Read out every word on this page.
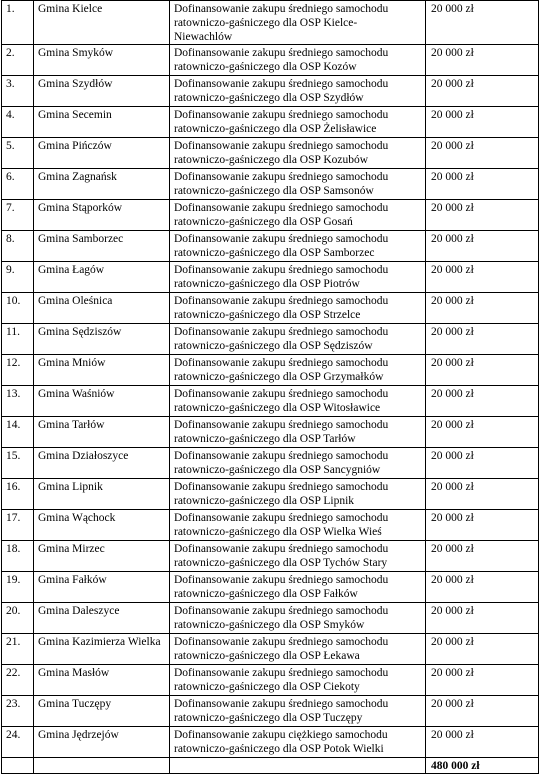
1.	Gmina Kielce	Dofinansowanie zakupu średniego samochodu
ratowniczo-gaśniczego dla OSP Kielce-
Niewachlów	20 000 zł
2.	Gmina Smyków	Dofinansowanie zakupu średniego samochodu
ratowniczo-gaśniczego dla OSP Kozów	20 000 zł
3.	Gmina Szydłów	Dofinansowanie zakupu średniego samochodu
ratowniczo-gaśniczego dla OSP Szydłów	20 000 zł
4.	Gmina Secemin	Dofinansowanie zakupu średniego samochodu
ratowniczo-gaśniczego dla OSP Żelisławice	20 000 zł
5.	Gmina Pińczów	Dofinansowanie zakupu średniego samochodu
ratowniczo-gaśniczego dla OSP Kozubów	20 000 zł
6.	Gmina Zagnańsk	Dofinansowanie zakupu średniego samochodu
ratowniczo-gaśniczego dla OSP Samsonów	20 000 zł
7.	Gmina Stąporków	Dofinansowanie zakupu średniego samochodu
ratowniczo-gaśniczego dla OSP Gosań	20 000 zł
8.	Gmina Samborzec	Dofinansowanie zakupu średniego samochodu
ratowniczo-gaśniczego dla OSP Samborzec	20 000 zł
9.	Gmina Łagów	Dofinansowanie zakupu średniego samochodu
ratowniczo-gaśniczego dla OSP Piotrów	20 000 zł
10.	Gmina Oleśnica	Dofinansowanie zakupu średniego samochodu
ratowniczo-gaśniczego dla OSP Strzelce	20 000 zł
11.	Gmina Sędziszów	Dofinansowanie zakupu średniego samochodu
ratowniczo-gaśniczego dla OSP Sędziszów	20 000 zł
12.	Gmina Mniów	Dofinansowanie zakupu średniego samochodu
ratowniczo-gaśniczego dla OSP Grzymałków	20 000 zł
13.	Gmina Waśniów	Dofinansowanie zakupu średniego samochodu
ratowniczo-gaśniczego dla OSP Witosławice	20 000 zł
14.	Gmina Tarłów	Dofinansowanie zakupu średniego samochodu
ratowniczo-gaśniczego dla OSP Tarłów	20 000 zł
15.	Gmina Działoszyce	Dofinansowanie zakupu średniego samochodu
ratowniczo-gaśniczego dla OSP Sancygniów	20 000 zł
16.	Gmina Lipnik	Dofinansowanie zakupu średniego samochodu
ratowniczo-gaśniczego dla OSP Lipnik	20 000 zł
17.	Gmina Wąchock	Dofinansowanie zakupu średniego samochodu
ratowniczo-gaśniczego dla OSP Wielka Wieś	20 000 zł
18.	Gmina Mirzec	Dofinansowanie zakupu średniego samochodu
ratowniczo-gaśniczego dla OSP Tychów Stary	20 000 zł
19.	Gmina Fałków	Dofinansowanie zakupu średniego samochodu
ratowniczo-gaśniczego dla OSP Fałków	20 000 zł
20.	Gmina Daleszyce	Dofinansowanie zakupu średniego samochodu
ratowniczo-gaśniczego dla OSP Smyków	20 000 zł
21.	Gmina Kazimierza Wielka	Dofinansowanie zakupu średniego samochodu
ratowniczo-gaśniczego dla OSP Łekawa	20 000 zł
22.	Gmina Masłów	Dofinansowanie zakupu średniego samochodu
ratowniczo-gaśniczego dla OSP Ciekoty	20 000 zł
23.	Gmina Tuczępy	Dofinansowanie zakupu średniego samochodu
ratowniczo-gaśniczego dla OSP Tuczępy	20 000 zł
24.	Gmina Jędrzejów	Dofinansowanie zakupu ciężkiego samochodu
ratowniczo-gaśniczego dla OSP Potok Wielki	20 000 zł
			480 000 zł
